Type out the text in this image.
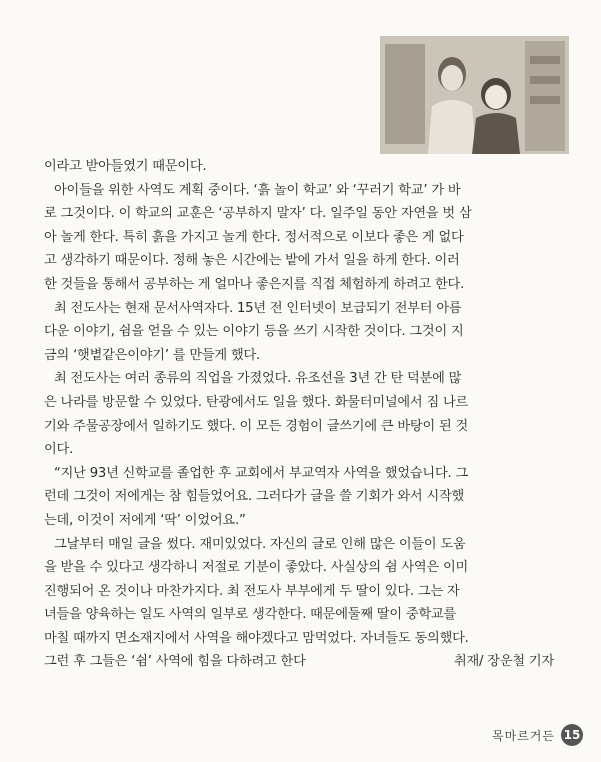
이라고 받아들였기 때문이다.

아이들을 위한 사역도 계획 중이다. ‘흙 놀이 학교’ 와 ‘꾸러기 학교’ 가 바
로 그것이다. 이 학교의 교훈은 ‘공부하지 말자’ 다. 일주일 동안 자연을 벗 삼
아 놀게 한다. 특히 흙을 가지고 놀게 한다. 정서적으로 이보다 좋은 게 없다
고 생각하기 때문이다. 정해 놓은 시간에는 밭에 가서 일을 하게 한다. 이러
한 것들을 통해서 공부하는 게 얼마나 좋은지를 직접 체험하게 하려고 한다.

최 전도사는 현재 문서사역자다. 15년 전 인터넷이 보급되기 전부터 아름
다운 이야기, 쉼을 얻을 수 있는 이야기 등을 쓰기 시작한 것이다. 그것이 지
금의 ‘햇볕같은이야기’ 를 만들게 했다.

최 전도사는 여러 종류의 직업을 가졌었다. 유조선을 3년 간 탄 덕분에 많
은 나라를 방문할 수 있었다. 탄광에서도 일을 했다. 화물터미널에서 짐 나르
기와 주물공장에서 일하기도 했다. 이 모든 경험이 글쓰기에 큰 바탕이 된 것
이다.

“지난 93년 신학교를 졸업한 후 교회에서 부교역자 사역을 했었습니다. 그
런데 그것이 저에게는 참 힘들었어요. 그러다가 글을 쓸 기회가 와서 시작했
는데, 이것이 저에게 ‘딱’ 이었어요.”

그날부터 매일 글을 썼다. 재미있었다. 자신의 글로 인해 많은 이들이 도움
을 받을 수 있다고 생각하니 저절로 기분이 좋았다. 사실상의 쉼 사역은 이미
진행되어 온 것이나 마찬가지다. 최 전도사 부부에게 두 딸이 있다. 그는 자
녀들을 양육하는 일도 사역의 일부로 생각한다. 때문에둘째 딸이 중학교를
마칠 때까지 면소재지에서 사역을 해야겠다고 맘먹었다. 자녀들도 동의했다.
그런 후 그들은 ‘쉼’ 사역에 힘을 다하려고 한다	취재/ 장운철 기자

목마르거든 15
